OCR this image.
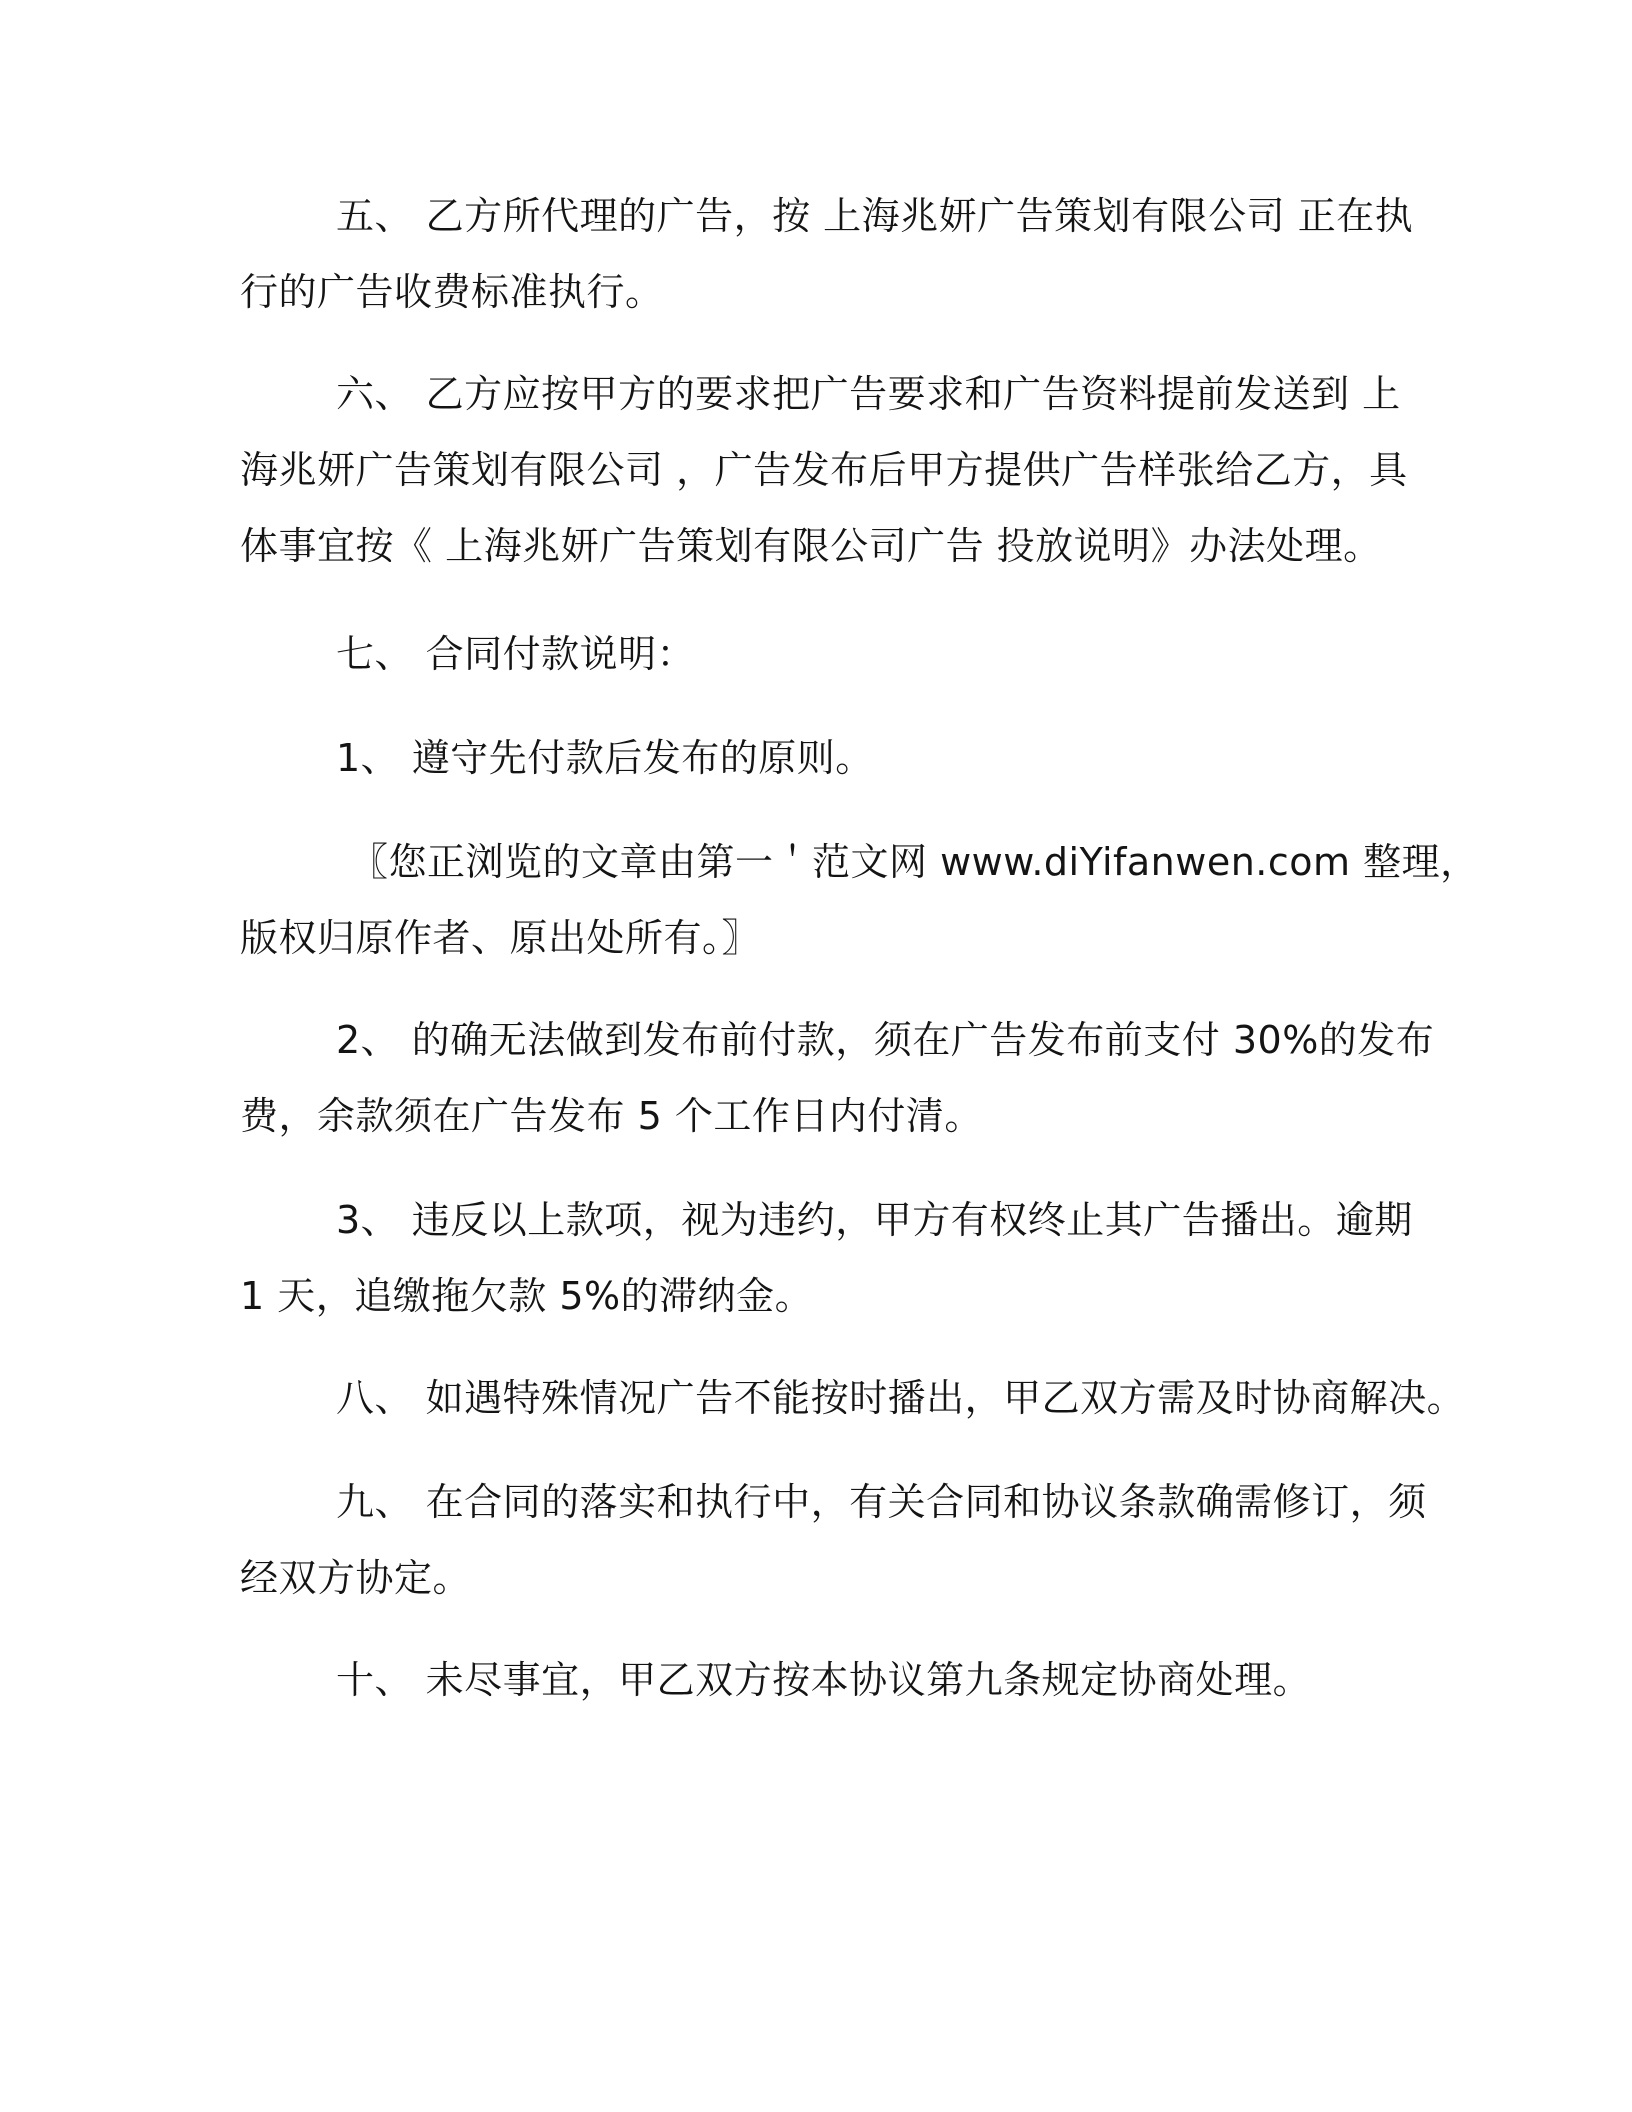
五、 乙方所代理的广告，按 上海兆妍广告策划有限公司 正在执
行的广告收费标准执行。

六、 乙方应按甲方的要求把广告要求和广告资料提前发送到 上
海兆妍广告策划有限公司 ，广告发布后甲方提供广告样张给乙方，具
体事宜按《 上海兆妍广告策划有限公司广告 投放说明》办法处理。

七、 合同付款说明：

1、 遵守先付款后发布的原则。

〖您正浏览的文章由第一＇范文网 www.diYifanwen.com 整理，
版权归原作者、原出处所有。〗

2、 的确无法做到发布前付款，须在广告发布前支付 30%的发布
费，余款须在广告发布 5 个工作日内付清。

3、 违反以上款项，视为违约，甲方有权终止其广告播出。逾期
1 天，追缴拖欠款 5%的滞纳金。

八、 如遇特殊情况广告不能按时播出，甲乙双方需及时协商解决。

九、 在合同的落实和执行中，有关合同和协议条款确需修订，须
经双方协定。

十、 未尽事宜，甲乙双方按本协议第九条规定协商处理。
